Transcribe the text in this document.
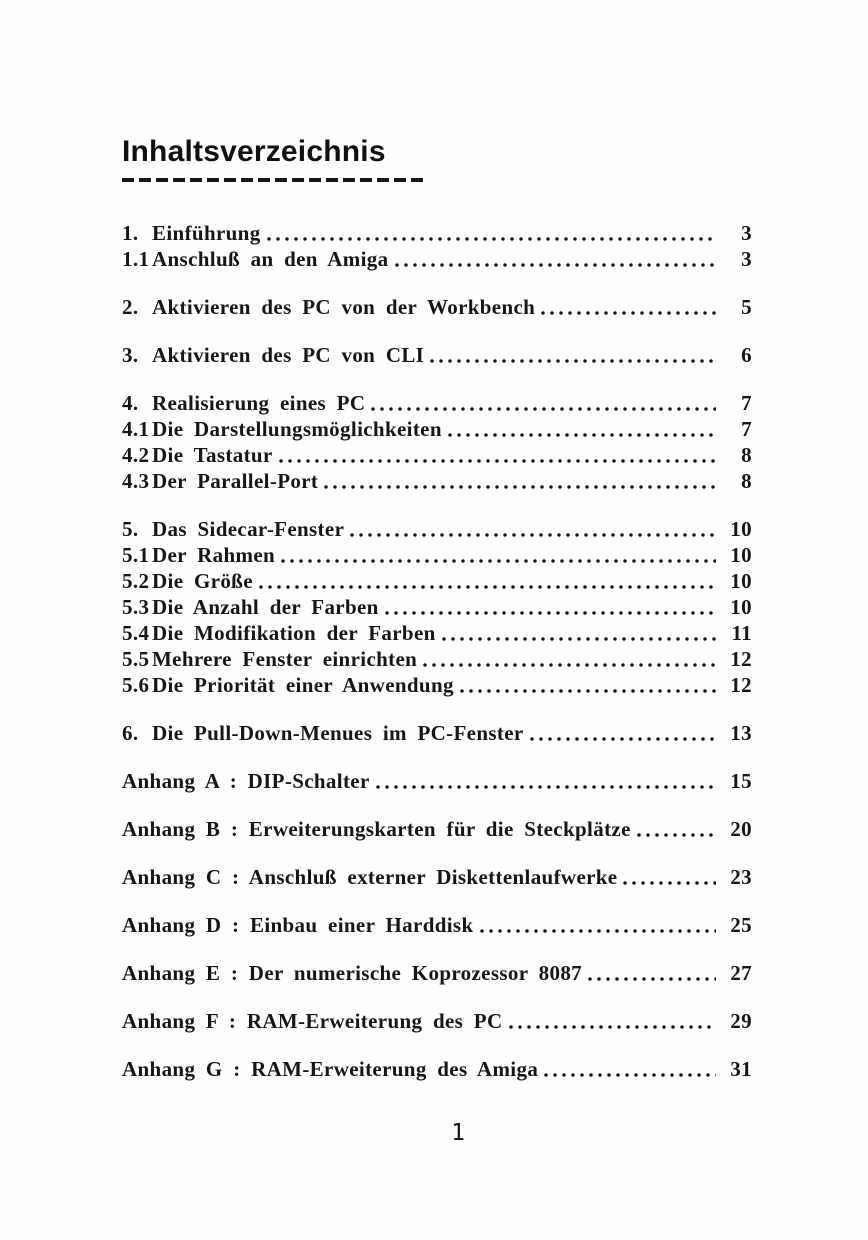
Inhaltsverzeichnis
1. Einführung	3
1.1 Anschluß an den Amiga	3
2. Aktivieren des PC von der Workbench	5
3. Aktivieren des PC von CLI	6
4. Realisierung eines PC	7
4.1 Die Darstellungsmöglichkeiten	7
4.2 Die Tastatur	8
4.3 Der Parallel-Port	8
5. Das Sidecar-Fenster	10
5.1 Der Rahmen	10
5.2 Die Größe	10
5.3 Die Anzahl der Farben	10
5.4 Die Modifikation der Farben	11
5.5 Mehrere Fenster einrichten	12
5.6 Die Priorität einer Anwendung	12
6. Die Pull-Down-Menues im PC-Fenster	13
Anhang A : DIP-Schalter	15
Anhang B : Erweiterungskarten für die Steckplätze	20
Anhang C : Anschluß externer Diskettenlaufwerke	23
Anhang D : Einbau einer Harddisk	25
Anhang E : Der numerische Koprozessor 8087	27
Anhang F : RAM-Erweiterung des PC	29
Anhang G : RAM-Erweiterung des Amiga	31
1
